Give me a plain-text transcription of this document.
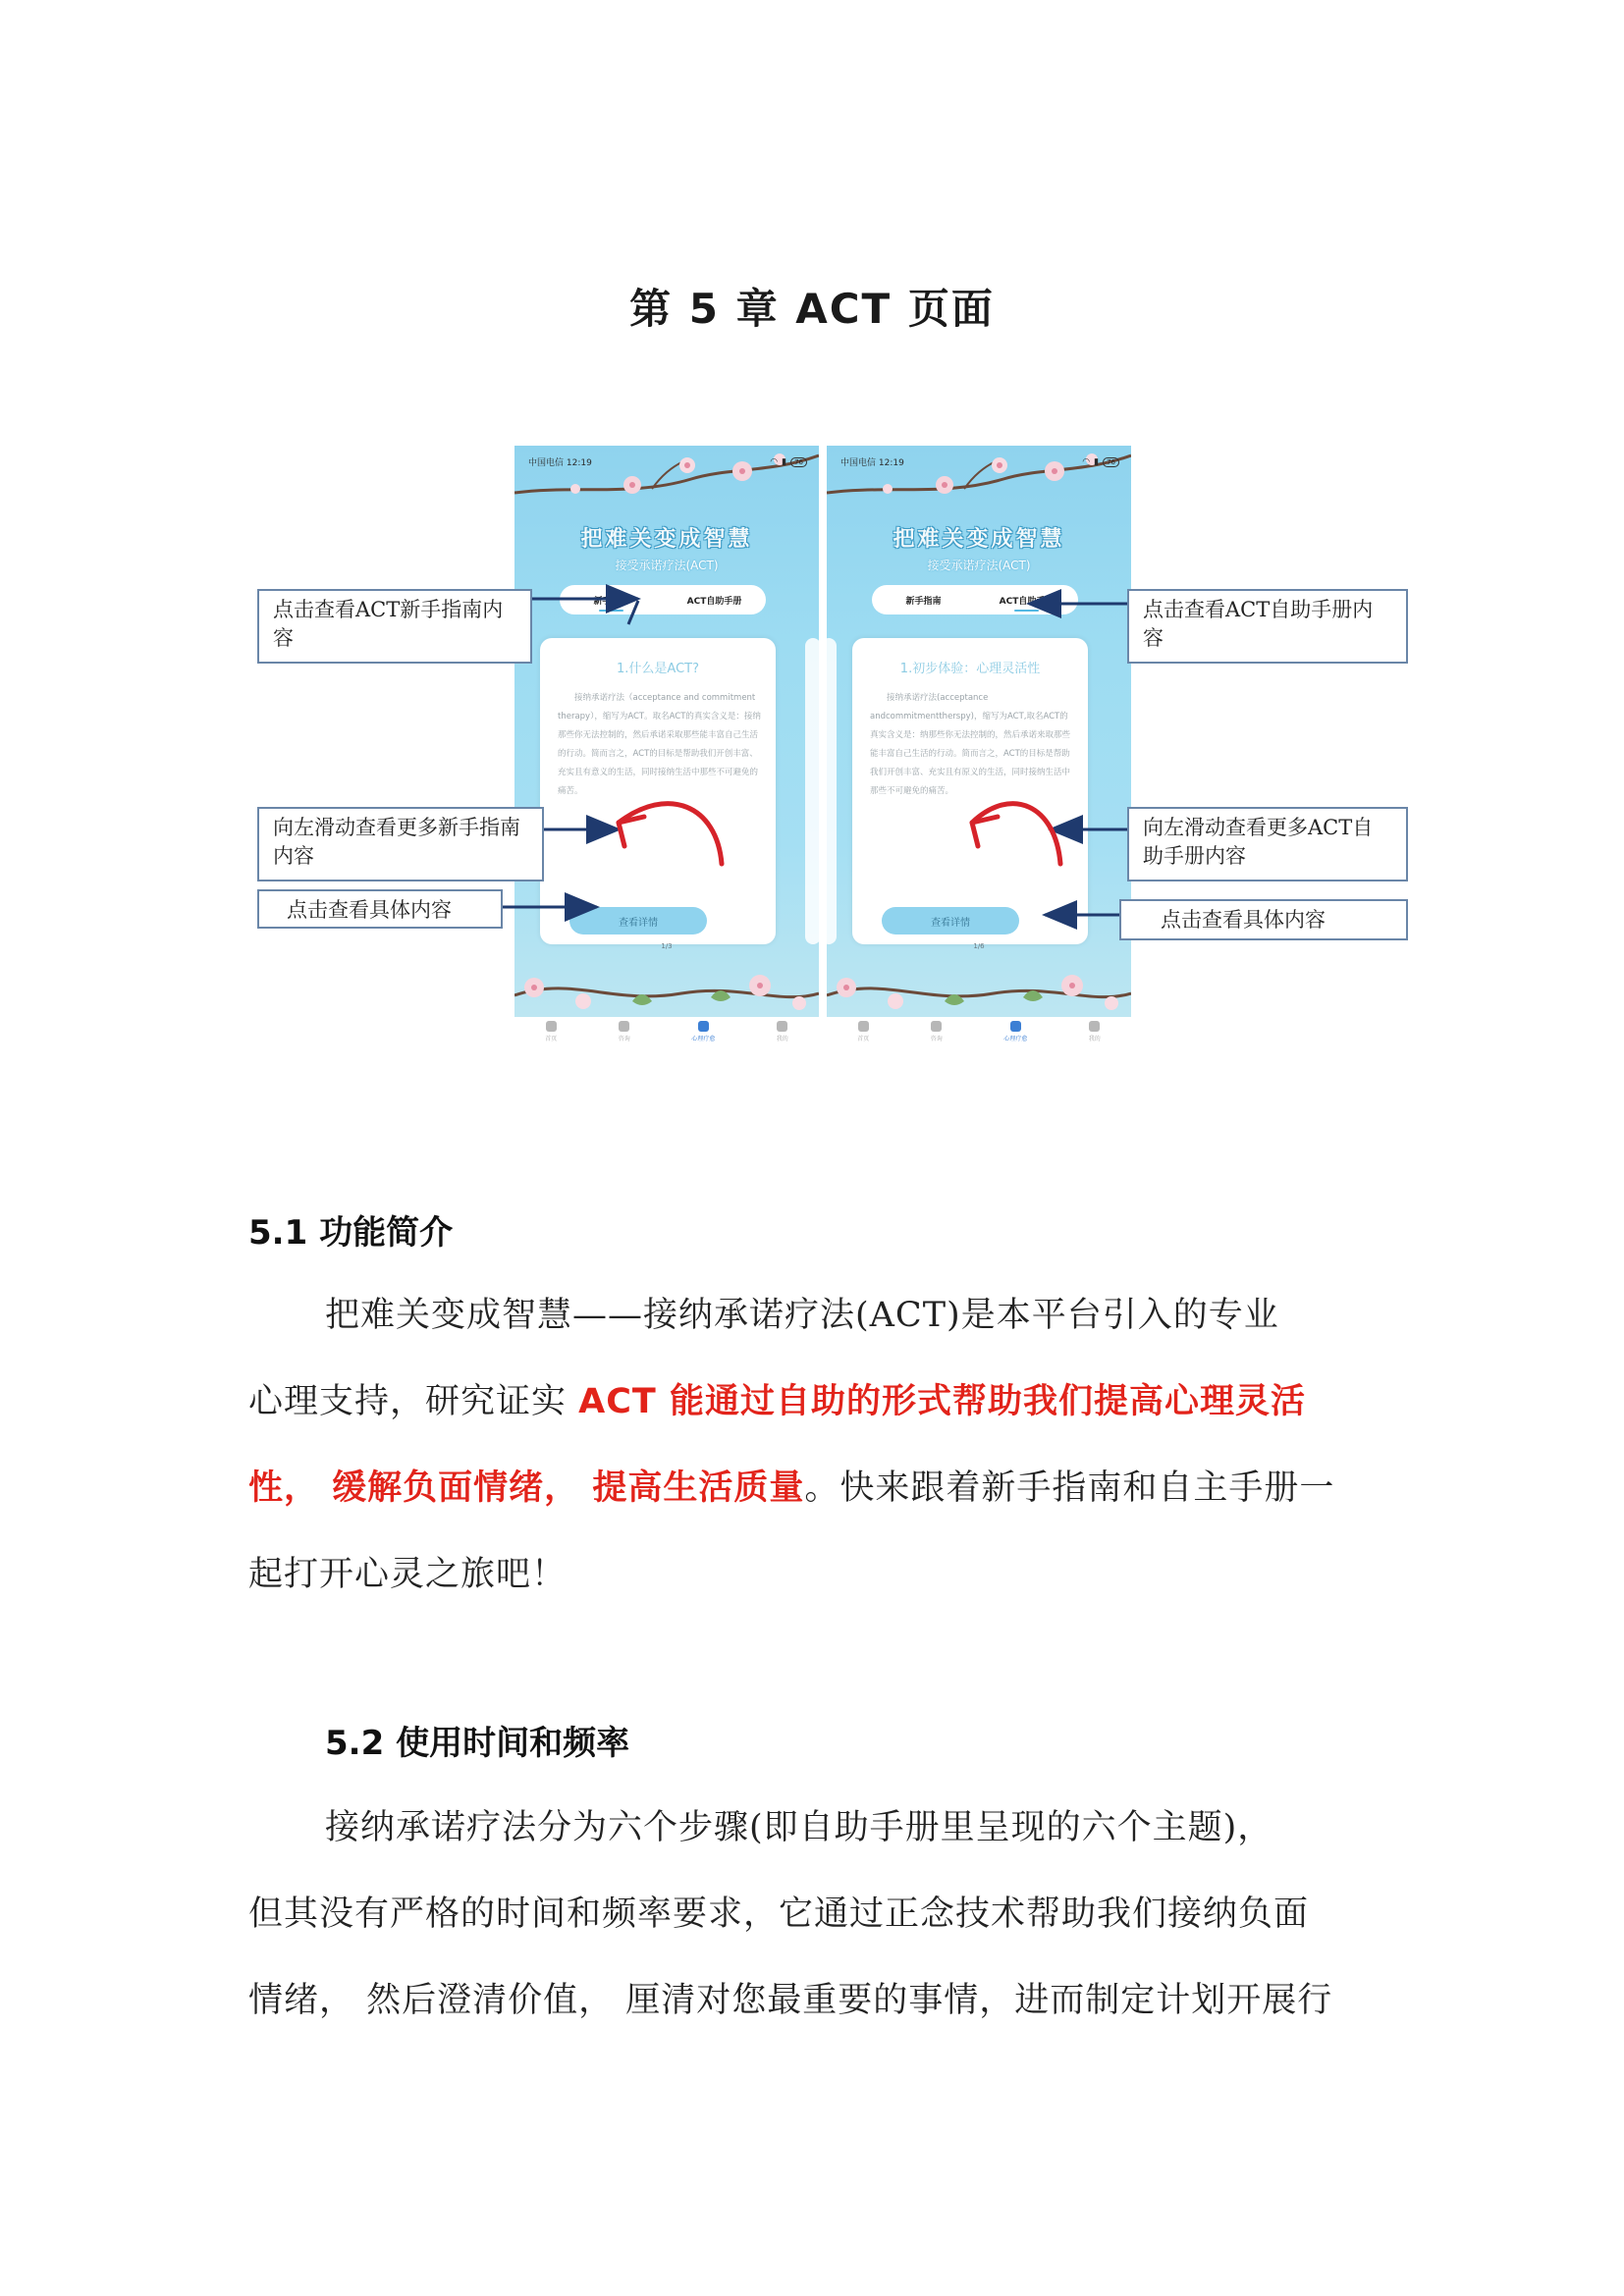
第 5 章 ACT 页面
中国电信 12:19	◠ ▮	76
把难关变成智慧
接受承诺疗法(ACT)
新手指南	ACT自助手册
1.什么是ACT?
接纳承诺疗法（acceptance and commitment therapy），缩写为ACT。取名ACT的真实含义是：接纳那些你无法控制的，然后承诺采取那些能丰富自己生活的行动。简而言之，ACT的目标是帮助我们开创丰富、充实且有意义的生活，同时接纳生活中那些不可避免的痛苦。
查看详情
1/3
首页	咨询	心理疗愈	我的
中国电信 12:19	◠ ▮	76
把难关变成智慧
接受承诺疗法(ACT)
新手指南	ACT自助手册
1.初步体验：心理灵活性
接纳承诺疗法(acceptance andcommitmenttherspy)，缩写为ACT,取名ACT的真实含义是：纳那些你无法控制的，然后承诺来取那些能丰富自己生活的行动。简而言之，ACT的目标是帮助我们开创丰富、充实且有原义的生活，同时接纳生活中那些不可避免的痛苦。
查看详情
1/6
首页	咨询	心理疗愈	我的
点击查看ACT新手指南内容
向左滑动查看更多新手指南内容
点击查看具体内容
点击查看ACT自助手册内容
向左滑动查看更多ACT自助手册内容
点击查看具体内容
5.1 功能简介
把难关变成智慧——接纳承诺疗法(ACT)是本平台引入的专业
心理支持，研究证实 ACT 能通过自助的形式帮助我们提高心理灵活
性， 缓解负面情绪， 提高生活质量。快来跟着新手指南和自主手册一
起打开心灵之旅吧！
5.2 使用时间和频率
接纳承诺疗法分为六个步骤(即自助手册里呈现的六个主题)，
但其没有严格的时间和频率要求，它通过正念技术帮助我们接纳负面
情绪， 然后澄清价值， 厘清对您最重要的事情，进而制定计划开展行
